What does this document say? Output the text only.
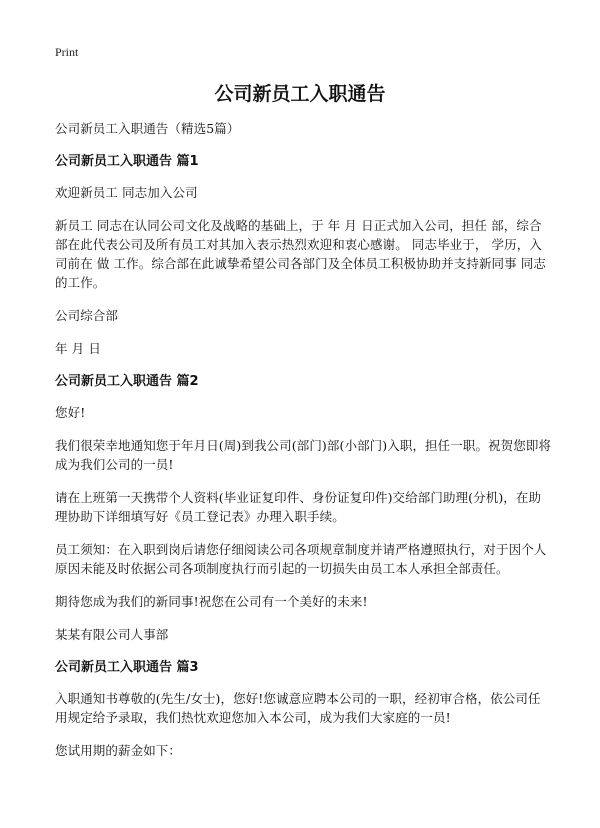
Print
公司新员工入职通告

公司新员工入职通告（精选5篇）

公司新员工入职通告 篇1

欢迎新员工 同志加入公司

新员工 同志在认同公司文化及战略的基础上，于 年 月 日正式加入公司，担任 部，综合部在此代表公司及所有员工对其加入表示热烈欢迎和衷心感谢。 同志毕业于， 学历，入司前在 做 工作。综合部在此诚挚希望公司各部门及全体员工积极协助并支持新同事 同志的工作。

公司综合部

年 月 日

公司新员工入职通告 篇2

您好!

我们很荣幸地通知您于年月日(周)到我公司(部门)部(小部门)入职，担任一职。祝贺您即将成为我们公司的一员!

请在上班第一天携带个人资料(毕业证复印件、身份证复印件)交给部门助理(分机)，在助理协助下详细填写好《员工登记表》办理入职手续。

员工须知：在入职到岗后请您仔细阅读公司各项规章制度并请严格遵照执行，对于因个人原因未能及时依据公司各项制度执行而引起的一切损失由员工本人承担全部责任。

期待您成为我们的新同事!祝您在公司有一个美好的未来!

某某有限公司人事部

公司新员工入职通告 篇3

入职通知书尊敬的(先生/女士)，您好!您诚意应聘本公司的一职，经初审合格，依公司任用规定给予录取，我们热忱欢迎您加入本公司，成为我们大家庭的一员!

您试用期的薪金如下：
